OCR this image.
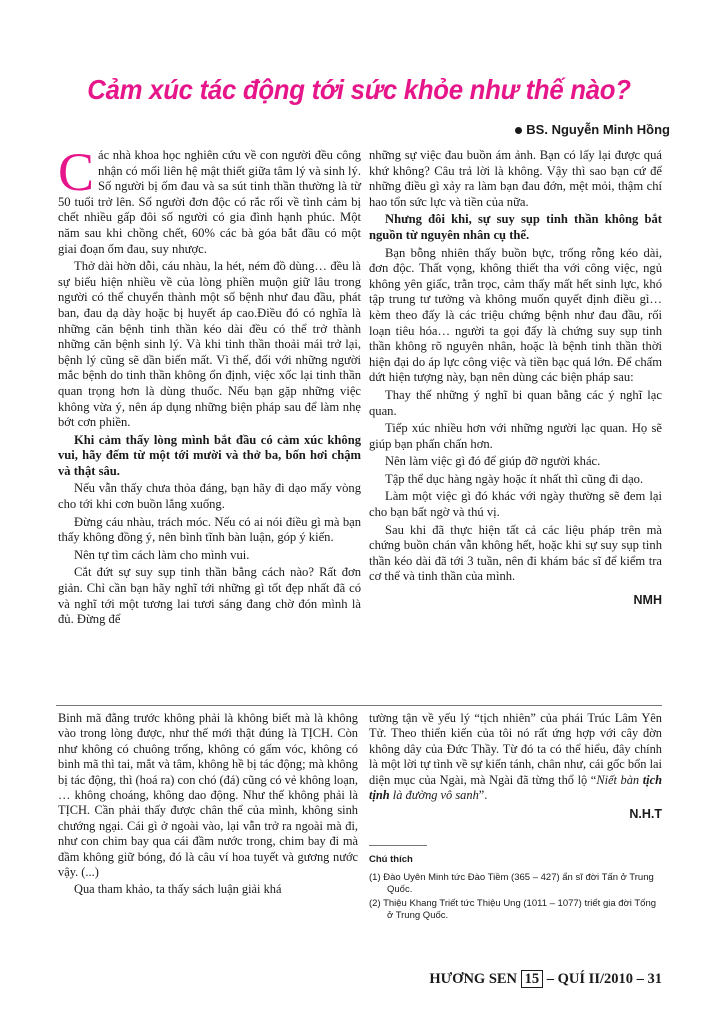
Cảm xúc tác động tới sức khỏe như thế nào?
BS. Nguyễn Minh Hồng
C ác nhà khoa học nghiên cứu về con người đều công nhận có mối liên hệ mật thiết giữa tâm lý và sinh lý. Số người bị ốm đau và sa sút tinh thần thường là từ 50 tuổi trở lên. Số người đơn độc có rắc rối về tình cảm bị chết nhiều gấp đôi số người có gia đình hạnh phúc. Một năm sau khi chồng chết, 60% các bà góa bắt đầu có một giai đoạn ốm đau, suy nhược.

Thở dài hờn dỗi, cáu nhàu, la hét, ném đồ dùng… đều là sự biểu hiện nhiều về của lòng phiền muộn giữ lâu trong người có thể chuyển thành một số bệnh như đau đầu, phát ban, đau dạ dày hoặc bị huyết áp cao.Điều đó có nghĩa là những căn bệnh tinh thần kéo dài đều có thể trở thành những căn bệnh sinh lý. Và khi tinh thần thoải mái trở lại, bệnh lý cũng sẽ dần biến mất. Vì thế, đối với những người mắc bệnh do tinh thần không ổn định, việc xốc lại tinh thần quan trọng hơn là dùng thuốc. Nếu bạn gặp những việc không vừa ý, nên áp dụng những biện pháp sau để làm nhẹ bớt cơn phiền.

Khi cảm thấy lòng mình bắt đầu có cảm xúc không vui, hãy đếm từ một tới mười và thở ba, bốn hơi chậm và thật sâu.

Nếu vẫn thấy chưa thỏa đáng, bạn hãy đi dạo mấy vòng cho tới khi cơn buồn lắng xuống.

Đừng cáu nhàu, trách móc. Nếu có ai nói điều gì mà bạn thấy không đồng ý, nên bình tĩnh bàn luận, góp ý kiến.

Nên tự tìm cách làm cho mình vui.

Cắt đứt sự suy sụp tinh thần bằng cách nào? Rất đơn giản. Chỉ cần bạn hãy nghĩ tới những gì tốt đẹp nhất đã có và nghĩ tới một tương lai tươi sáng đang chờ đón mình là đủ. Đừng để

những sự việc đau buồn ám ảnh. Bạn có lấy lại được quá khứ không? Câu trả lời là không. Vậy thì sao bạn cứ để những điều gì xảy ra làm bạn đau đớn, mệt mỏi, thậm chí hao tổn sức lực và tiền của nữa.

Nhưng đôi khi, sự suy sụp tinh thần không bắt nguồn từ nguyên nhân cụ thể.

Bạn bỗng nhiên thấy buồn bực, trống rỗng kéo dài, đơn độc. Thất vọng, không thiết tha với công việc, ngủ không yên giấc, trằn trọc, cảm thấy mất hết sinh lực, khó tập trung tư tưởng và không muốn quyết định điều gì… kèm theo đấy là các triệu chứng bệnh như đau đầu, rối loạn tiêu hóa… người ta gọi đấy là chứng suy sụp tinh thần không rõ nguyên nhân, hoặc là bệnh tinh thần thời hiện đại do áp lực công việc và tiền bạc quá lớn. Để chấm dứt hiện tượng này, bạn nên dùng các biện pháp sau:

Thay thế những ý nghĩ bi quan bằng các ý nghĩ lạc quan.

Tiếp xúc nhiều hơn với những người lạc quan. Họ sẽ giúp bạn phấn chấn hơn.

Nên làm việc gì đó để giúp đỡ người khác.

Tập thể dục hàng ngày hoặc ít nhất thì cũng đi dạo.

Làm một việc gì đó khác với ngày thường sẽ đem lại cho bạn bất ngờ và thú vị.

Sau khi đã thực hiện tất cả các liệu pháp trên mà chứng buồn chán vẫn không hết, hoặc khi sự suy sụp tinh thần kéo dài đã tới 3 tuần, nên đi khám bác sĩ để kiểm tra cơ thể và tinh thần của mình.

NMH

Binh mã đằng trước không phải là không biết mà là không vào trong lòng được, như thế mới thật đúng là TỊCH. Còn như không có chuông trống, không có gấm vóc, không có binh mã thì tai, mắt và tâm, không hề bị tác động; mà không bị tác động, thì (hoá ra) con chó (đá) cũng có vẻ không loạn, … không choáng, không dao động. Như thế không phải là TỊCH. Cần phải thấy được chân thể của mình, không sinh chướng ngại. Cái gì ở ngoài vào, lại vẫn trở ra ngoài mà đi, như con chim bay qua cái đầm nước trong, chim bay đi mà đầm không giữ bóng, đó là câu ví hoa tuyết và gương nước vậy. (...)

Qua tham khảo, ta thấy sách luận giải khá

tường tận về yếu lý “tịch nhiên” của phái Trúc Lâm Yên Tử. Theo thiển kiến của tôi nó rất ứng hợp với cây đờn không dây của Đức Thầy. Từ đó ta có thể hiểu, đây chính là một lời tự tình về sự kiến tánh, chân như, cái gốc bổn lai diện mục của Ngài, mà Ngài đã từng thổ lộ “Niết bàn tịch tịnh là đường vô sanh”.

N.H.T
Chú thích
(1) Đào Uyên Minh tức Đào Tiềm (365 – 427) ẩn sĩ đời Tấn ở Trung Quốc.
(2) Thiệu Khang Triết tức Thiệu Ung (1011 – 1077) triết gia đời Tống ở Trung Quốc.
HƯƠNG SEN 15 – QUÍ II/2010 – 31
